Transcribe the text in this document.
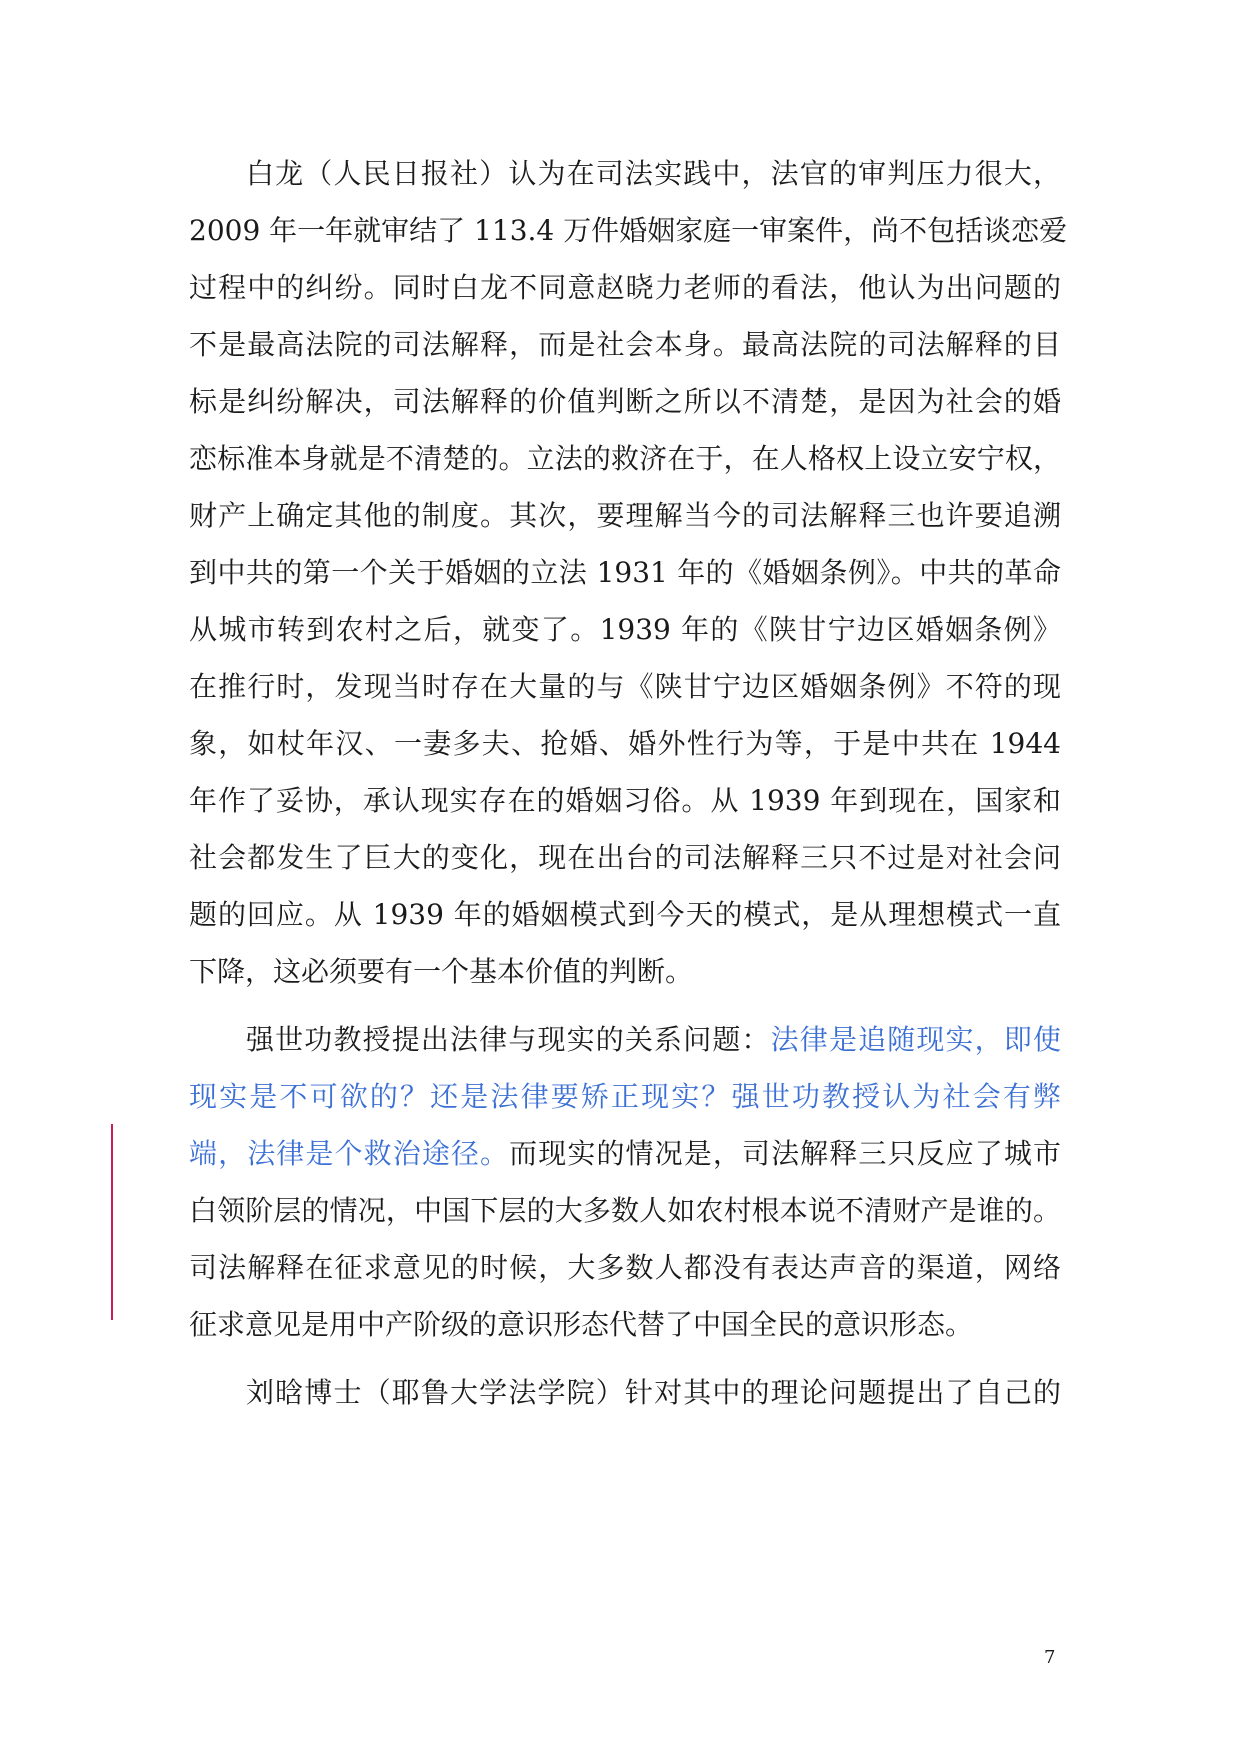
白龙（人民日报社）认为在司法实践中，法官的审判压力很大，
2009 年一年就审结了 113.4 万件婚姻家庭一审案件，尚不包括谈恋爱
过程中的纠纷。同时白龙不同意赵晓力老师的看法，他认为出问题的
不是最高法院的司法解释，而是社会本身。最高法院的司法解释的目
标是纠纷解决，司法解释的价值判断之所以不清楚，是因为社会的婚
恋标准本身就是不清楚的。立法的救济在于，在人格权上设立安宁权，
财产上确定其他的制度。其次，要理解当今的司法解释三也许要追溯
到中共的第一个关于婚姻的立法 1931 年的《婚姻条例》。中共的革命
从城市转到农村之后，就变了。1939 年的《陕甘宁边区婚姻条例》
在推行时，发现当时存在大量的与《陕甘宁边区婚姻条例》不符的现
象，如杖年汉、一妻多夫、抢婚、婚外性行为等，于是中共在 1944
年作了妥协，承认现实存在的婚姻习俗。从 1939 年到现在，国家和
社会都发生了巨大的变化，现在出台的司法解释三只不过是对社会问
题的回应。从 1939 年的婚姻模式到今天的模式，是从理想模式一直
下降，这必须要有一个基本价值的判断。
强世功教授提出法律与现实的关系问题：法律是追随现实，即使
现实是不可欲的？还是法律要矫正现实？强世功教授认为社会有弊
端，法律是个救治途径。而现实的情况是，司法解释三只反应了城市
白领阶层的情况，中国下层的大多数人如农村根本说不清财产是谁的。
司法解释在征求意见的时候，大多数人都没有表达声音的渠道，网络
征求意见是用中产阶级的意识形态代替了中国全民的意识形态。
刘晗博士（耶鲁大学法学院）针对其中的理论问题提出了自己的
7
